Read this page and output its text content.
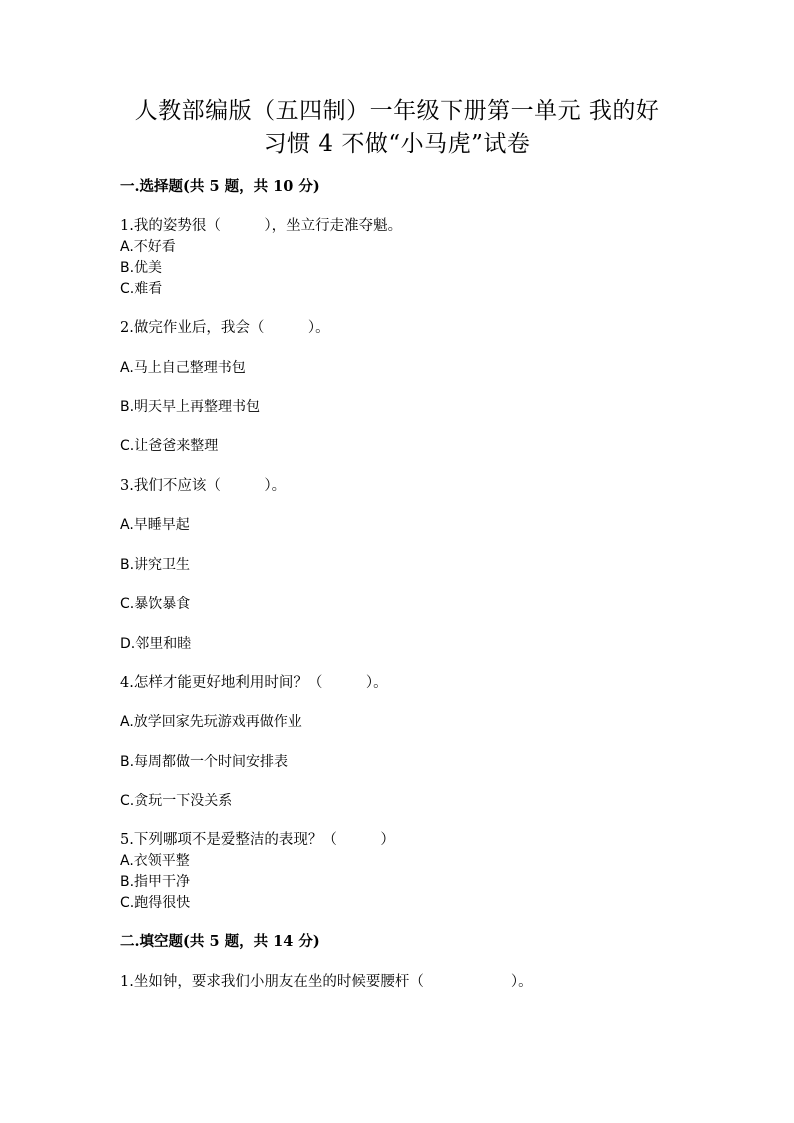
人教部编版（五四制）一年级下册第一单元 我的好
习惯 4 不做“小马虎”试卷
一.选择题(共 5 题，共 10 分)
1.我的姿势很（　　　），坐立行走准夺魁。
A.不好看
B.优美
C.难看
2.做完作业后，我会（　　　）。
A.马上自己整理书包
B.明天早上再整理书包
C.让爸爸来整理
3.我们不应该（　　　）。
A.早睡早起
B.讲究卫生
C.暴饮暴食
D.邻里和睦
4.怎样才能更好地利用时间？（　　　）。
A.放学回家先玩游戏再做作业
B.每周都做一个时间安排表
C.贪玩一下没关系
5.下列哪项不是爱整洁的表现？（　　　）
A.衣领平整
B.指甲干净
C.跑得很快
二.填空题(共 5 题，共 14 分)
1.坐如钟，要求我们小朋友在坐的时候要腰杆（　　　　　　）。
